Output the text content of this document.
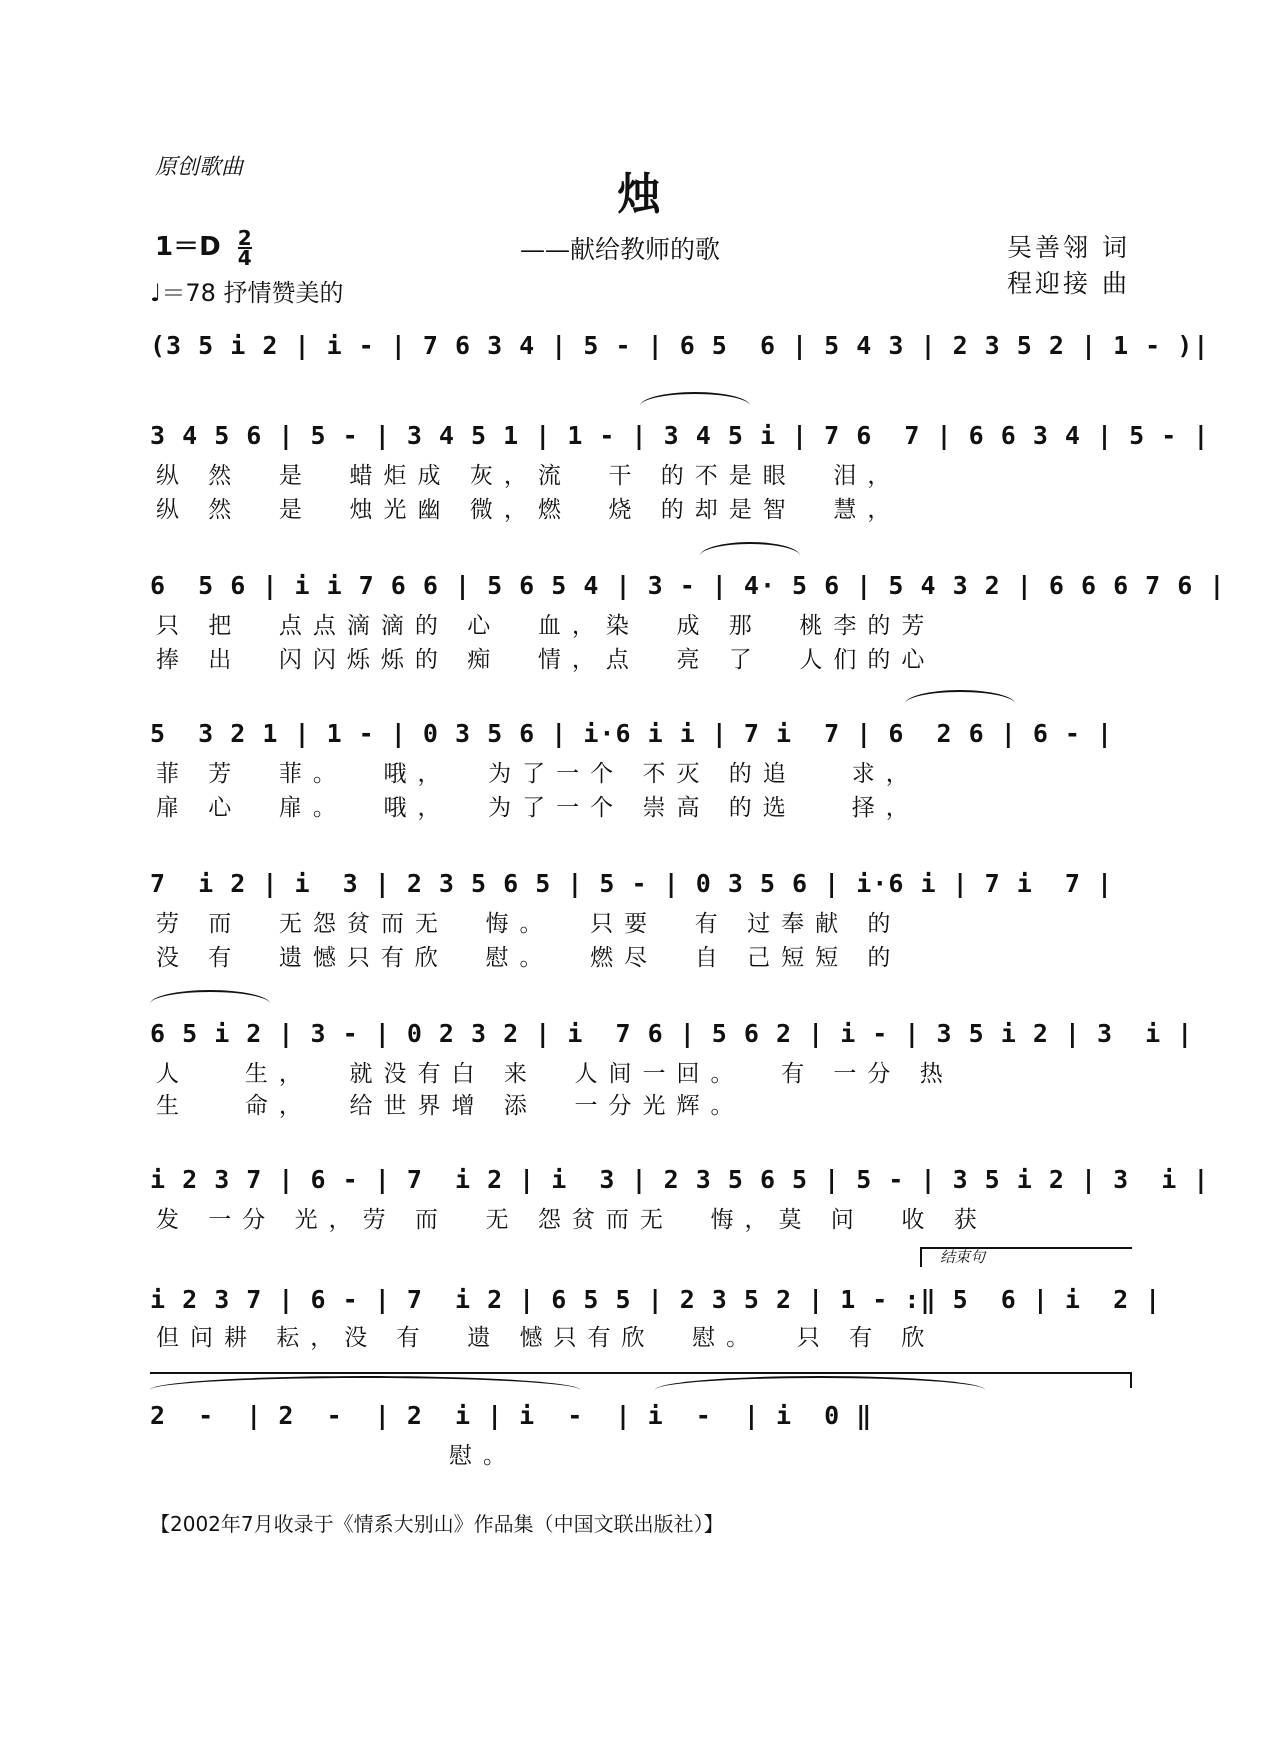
原创歌曲
烛
——献给教师的歌	吴善翎 词
程迎接 曲
$1=D \frac{2}{4}$
♩＝78 抒情赞美的
(3 5 i 2 | i - | 7 6 3 4 | 5 - | 6 5  6 | 5 4 3 | 2 3 5 2 | 1 - )|
3 4 5 6 | 5 - | 3 4 5 1 | 1 - | 3 4 5 i | 7 6  7 | 6 6 3 4 | 5 - |
纵 然  是  蜡炬成 灰，流  干 的不是眼  泪，
纵 然  是  烛光幽 微，燃  烧 的却是智  慧，
6  5 6 | i i 7 6 6 | 5 6 5 4 | 3 - | 4· 5 6 | 5 4 3 2 | 6 6 6 7 6 |
只 把  点点滴滴的 心  血，染  成 那  桃李的芳
捧 出  闪闪烁烁的 痴  情，点  亮 了  人们的心
5  3 2 1 | 1 - | 0 3 5 6 | i·6 i i | 7 i  7 | 6  2 6 | 6 - |
菲 芳  菲。  哦，  为了一个 不灭 的追   求，
扉 心  扉。  哦，  为了一个 崇高 的选   择，
7  i 2 | i  3 | 2 3 5 6 5 | 5 - | 0 3 5 6 | i·6 i | 7 i  7 |
劳 而  无怨贫而无  悔。  只要  有 过奉献 的
没 有  遗憾只有欣  慰。  燃尽  自 己短短 的
6 5 i 2 | 3 - | 0 2 3 2 | i  7 6 | 5 6 2 | i - | 3 5 i 2 | 3  i |
人   生，  就没有白 来  人间一回。  有 一分 热
生   命，  给世界增 添  一分光辉。
i 2 3 7 | 6 - | 7  i 2 | i  3 | 2 3 5 6 5 | 5 - | 3 5 i 2 | 3  i |
发 一分 光，劳 而  无 怨贫而无  悔，莫 问  收 获
结束句
i 2 3 7 | 6 - | 7  i 2 | 6 5 5 | 2 3 5 2 | 1 - :‖ 5  6 | i  2 |
但问耕 耘，没 有  遗 憾只有欣  慰。  只 有 欣
2  -  | 2  -  | 2  i | i  -  | i  -  | i  0 ‖
慰。
【2002年7月收录于《情系大别山》作品集（中国文联出版社）】
